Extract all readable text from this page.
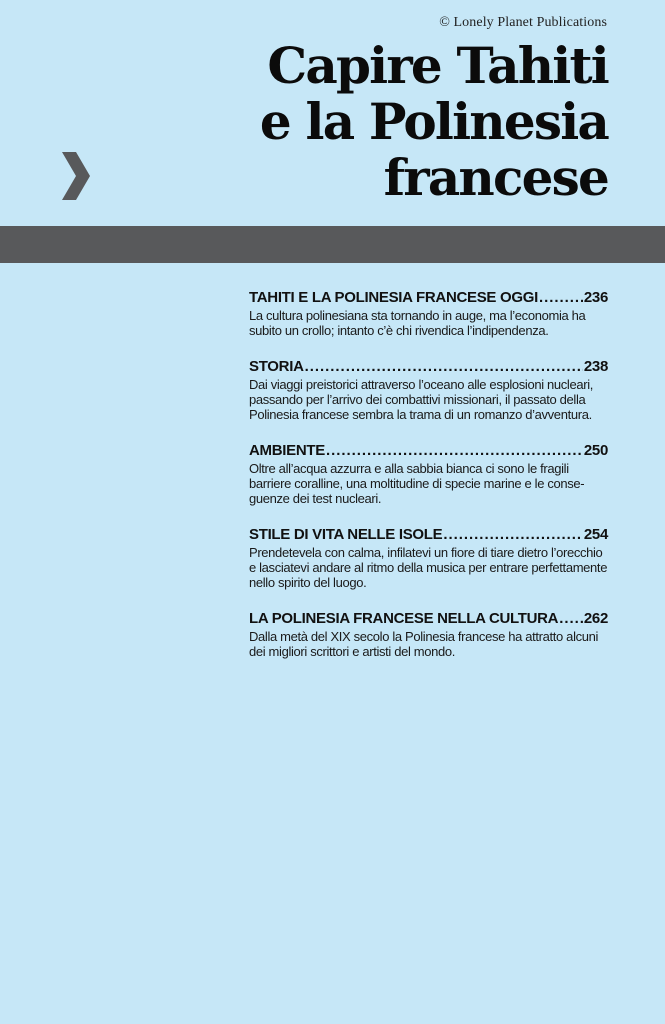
© Lonely Planet Publications
Capire Tahiti
e la Polinesia
francese
TAHITI E LA POLINESIA FRANCESE OGGI . . .	236
La cultura polinesiana sta tornando in auge, ma l’economia ha subito un crollo; intanto c’è chi rivendica l’indipendenza.
STORIA . . .	238
Dai viaggi preistorici attraverso l’oceano alle esplosioni nucleari, passando per l’arrivo dei combattivi missionari, il passato della Polinesia francese sembra la trama di un romanzo d’avventura.
AMBIENTE . . .	250
Oltre all’acqua azzurra e alla sabbia bianca ci sono le fragili barriere coralline, una moltitudine di specie marine e le conse-guenze dei test nucleari.
STILE DI VITA NELLE ISOLE . . .	254
Prendetevela con calma, infilatevi un fiore di tiare dietro l’orecchio e lasciatevi andare al ritmo della musica per entrare perfettamente nello spirito del luogo.
LA POLINESIA FRANCESE NELLA CULTURA . . . 262
Dalla metà del XIX secolo la Polinesia francese ha attratto alcuni dei migliori scrittori e artisti del mondo.
